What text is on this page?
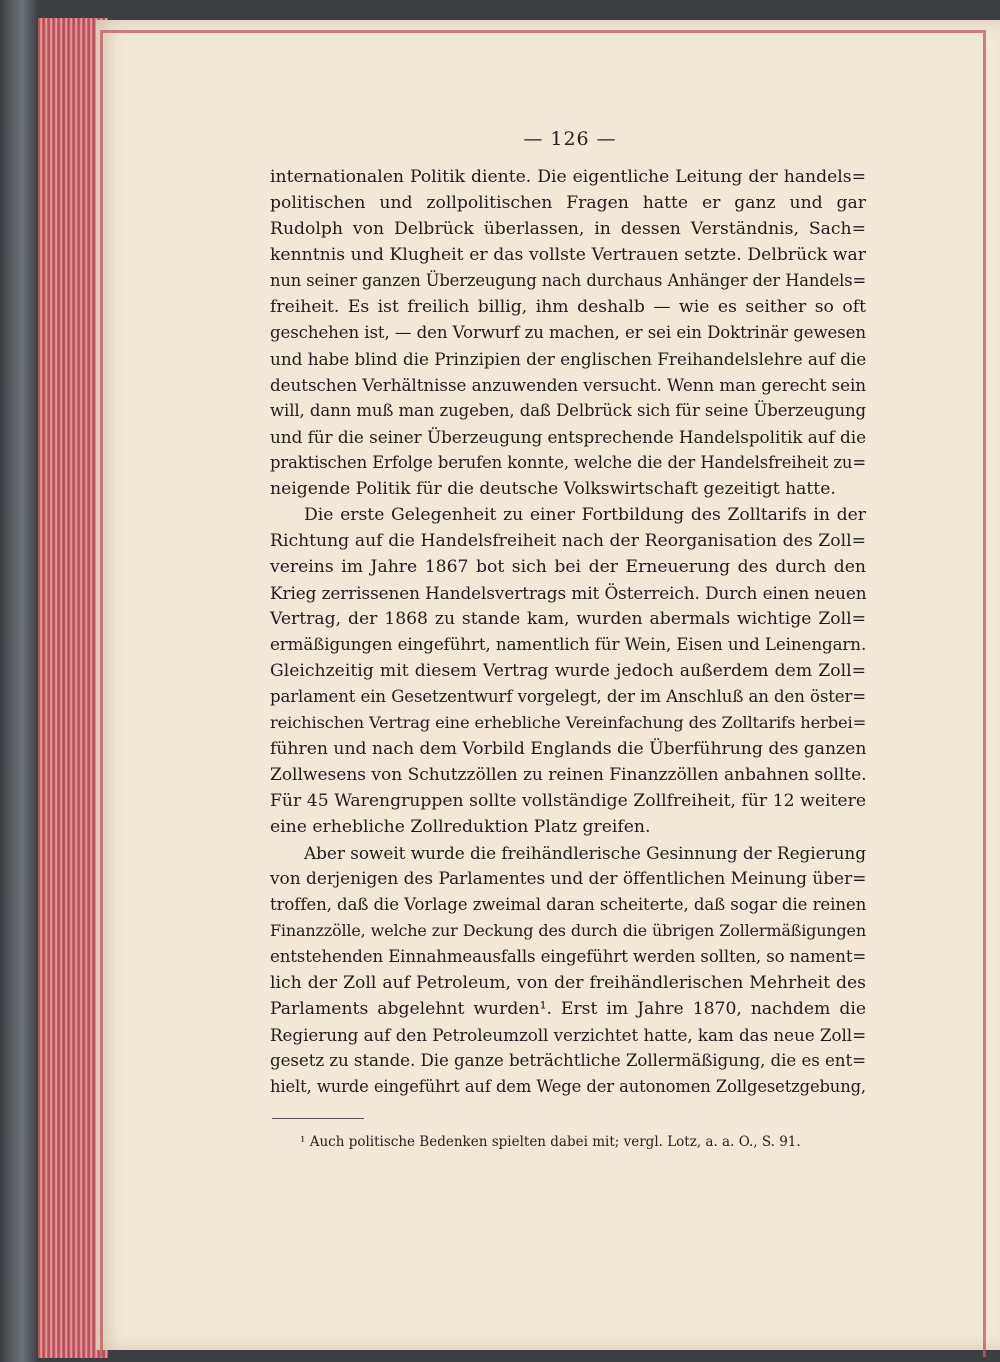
— 126 —

internationalen Politik diente. Die eigentliche Leitung der handels=

politischen und zollpolitischen Fragen hatte er ganz und gar

Rudolph von Delbrück überlassen, in dessen Verständnis, Sach=

kenntnis und Klugheit er das vollste Vertrauen setzte. Delbrück war

nun seiner ganzen Überzeugung nach durchaus Anhänger der Handels=

freiheit. Es ist freilich billig, ihm deshalb — wie es seither so oft

geschehen ist, — den Vorwurf zu machen, er sei ein Doktrinär gewesen

und habe blind die Prinzipien der englischen Freihandelslehre auf die

deutschen Verhältnisse anzuwenden versucht. Wenn man gerecht sein

will, dann muß man zugeben, daß Delbrück sich für seine Überzeugung

und für die seiner Überzeugung entsprechende Handelspolitik auf die

praktischen Erfolge berufen konnte, welche die der Handelsfreiheit zu=

neigende Politik für die deutsche Volkswirtschaft gezeitigt hatte.

Die erste Gelegenheit zu einer Fortbildung des Zolltarifs in der

Richtung auf die Handelsfreiheit nach der Reorganisation des Zoll=

vereins im Jahre 1867 bot sich bei der Erneuerung des durch den

Krieg zerrissenen Handelsvertrags mit Österreich. Durch einen neuen

Vertrag, der 1868 zu stande kam, wurden abermals wichtige Zoll=

ermäßigungen eingeführt, namentlich für Wein, Eisen und Leinengarn.

Gleichzeitig mit diesem Vertrag wurde jedoch außerdem dem Zoll=

parlament ein Gesetzentwurf vorgelegt, der im Anschluß an den öster=

reichischen Vertrag eine erhebliche Vereinfachung des Zolltarifs herbei=

führen und nach dem Vorbild Englands die Überführung des ganzen

Zollwesens von Schutzzöllen zu reinen Finanzzöllen anbahnen sollte.

Für 45 Warengruppen sollte vollständige Zollfreiheit, für 12 weitere

eine erhebliche Zollreduktion Platz greifen.

Aber soweit wurde die freihändlerische Gesinnung der Regierung

von derjenigen des Parlamentes und der öffentlichen Meinung über=

troffen, daß die Vorlage zweimal daran scheiterte, daß sogar die reinen

Finanzzölle, welche zur Deckung des durch die übrigen Zollermäßigungen

entstehenden Einnahmeausfalls eingeführt werden sollten, so nament=

lich der Zoll auf Petroleum, von der freihändlerischen Mehrheit des

Parlaments abgelehnt wurden¹. Erst im Jahre 1870, nachdem die

Regierung auf den Petroleumzoll verzichtet hatte, kam das neue Zoll=

gesetz zu stande. Die ganze beträchtliche Zollermäßigung, die es ent=

hielt, wurde eingeführt auf dem Wege der autonomen Zollgesetzgebung,

¹ Auch politische Bedenken spielten dabei mit; vergl. Lotz, a. a. O., S. 91.
